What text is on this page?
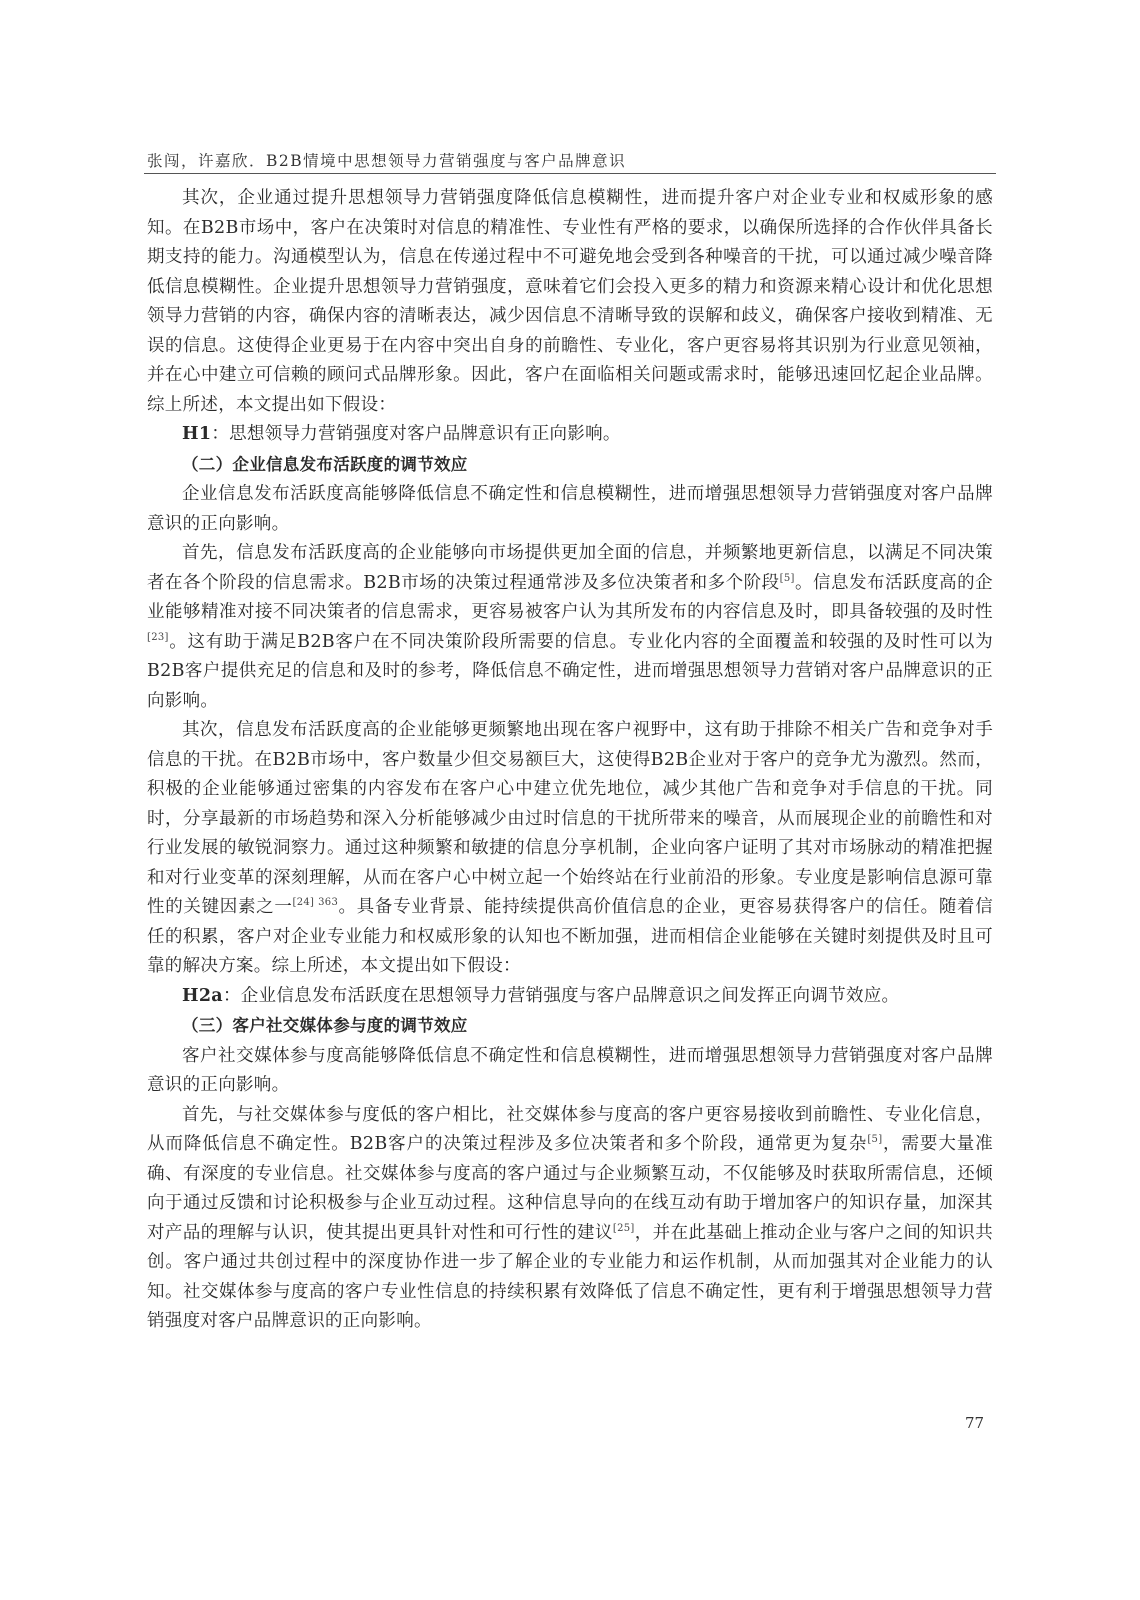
张闯，许嘉欣．B2B情境中思想领导力营销强度与客户品牌意识

其次，企业通过提升思想领导力营销强度降低信息模糊性，进而提升客户对企业专业和权威形象的感知。在B2B市场中，客户在决策时对信息的精准性、专业性有严格的要求，以确保所选择的合作伙伴具备长期支持的能力。沟通模型认为，信息在传递过程中不可避免地会受到各种噪音的干扰，可以通过减少噪音降低信息模糊性。企业提升思想领导力营销强度，意味着它们会投入更多的精力和资源来精心设计和优化思想领导力营销的内容，确保内容的清晰表达，减少因信息不清晰导致的误解和歧义，确保客户接收到精准、无误的信息。这使得企业更易于在内容中突出自身的前瞻性、专业化，客户更容易将其识别为行业意见领袖，并在心中建立可信赖的顾问式品牌形象。因此，客户在面临相关问题或需求时，能够迅速回忆起企业品牌。综上所述，本文提出如下假设：

H1：思想领导力营销强度对客户品牌意识有正向影响。

（二）企业信息发布活跃度的调节效应

企业信息发布活跃度高能够降低信息不确定性和信息模糊性，进而增强思想领导力营销强度对客户品牌意识的正向影响。

首先，信息发布活跃度高的企业能够向市场提供更加全面的信息，并频繁地更新信息，以满足不同决策者在各个阶段的信息需求。B2B市场的决策过程通常涉及多位决策者和多个阶段[5]。信息发布活跃度高的企业能够精准对接不同决策者的信息需求，更容易被客户认为其所发布的内容信息及时，即具备较强的及时性[23]。这有助于满足B2B客户在不同决策阶段所需要的信息。专业化内容的全面覆盖和较强的及时性可以为B2B客户提供充足的信息和及时的参考，降低信息不确定性，进而增强思想领导力营销对客户品牌意识的正向影响。

其次，信息发布活跃度高的企业能够更频繁地出现在客户视野中，这有助于排除不相关广告和竞争对手信息的干扰。在B2B市场中，客户数量少但交易额巨大，这使得B2B企业对于客户的竞争尤为激烈。然而，积极的企业能够通过密集的内容发布在客户心中建立优先地位，减少其他广告和竞争对手信息的干扰。同时，分享最新的市场趋势和深入分析能够减少由过时信息的干扰所带来的噪音，从而展现企业的前瞻性和对行业发展的敏锐洞察力。通过这种频繁和敏捷的信息分享机制，企业向客户证明了其对市场脉动的精准把握和对行业变革的深刻理解，从而在客户心中树立起一个始终站在行业前沿的形象。专业度是影响信息源可靠性的关键因素之一$^{[24] 363}$。具备专业背景、能持续提供高价值信息的企业，更容易获得客户的信任。随着信任的积累，客户对企业专业能力和权威形象的认知也不断加强，进而相信企业能够在关键时刻提供及时且可靠的解决方案。综上所述，本文提出如下假设：

H2a：企业信息发布活跃度在思想领导力营销强度与客户品牌意识之间发挥正向调节效应。

（三）客户社交媒体参与度的调节效应

客户社交媒体参与度高能够降低信息不确定性和信息模糊性，进而增强思想领导力营销强度对客户品牌意识的正向影响。

首先，与社交媒体参与度低的客户相比，社交媒体参与度高的客户更容易接收到前瞻性、专业化信息，从而降低信息不确定性。B2B客户的决策过程涉及多位决策者和多个阶段，通常更为复杂[5]，需要大量准确、有深度的专业信息。社交媒体参与度高的客户通过与企业频繁互动，不仅能够及时获取所需信息，还倾向于通过反馈和讨论积极参与企业互动过程。这种信息导向的在线互动有助于增加客户的知识存量，加深其对产品的理解与认识，使其提出更具针对性和可行性的建议[25]，并在此基础上推动企业与客户之间的知识共创。客户通过共创过程中的深度协作进一步了解企业的专业能力和运作机制，从而加强其对企业能力的认知。社交媒体参与度高的客户专业性信息的持续积累有效降低了信息不确定性，更有利于增强思想领导力营销强度对客户品牌意识的正向影响。

77
